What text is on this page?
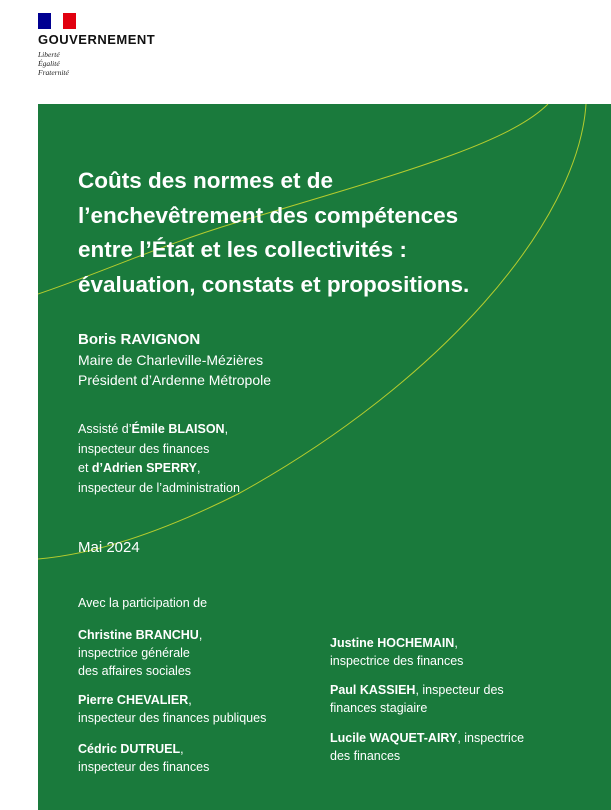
GOUVERNEMENT
Liberté
Égalité
Fraternité
Coûts des normes et de
l’enchevêtrement des compétences
entre l’État et les collectivités :
évaluation, constats et propositions.
Boris RAVIGNON
Maire de Charleville-Mézières
Président d’Ardenne Métropole
Assisté d’Émile BLAISON,
inspecteur des finances
et d’Adrien SPERRY,
inspecteur de l’administration
Mai 2024
Avec la participation de
Christine BRANCHU,
inspectrice générale
des affaires sociales
Pierre CHEVALIER,
inspecteur des finances publiques
Cédric DUTRUEL,
inspecteur des finances
Justine HOCHEMAIN,
inspectrice des finances
Paul KASSIEH, inspecteur des
finances stagiaire
Lucile WAQUET-AIRY, inspectrice
des finances
